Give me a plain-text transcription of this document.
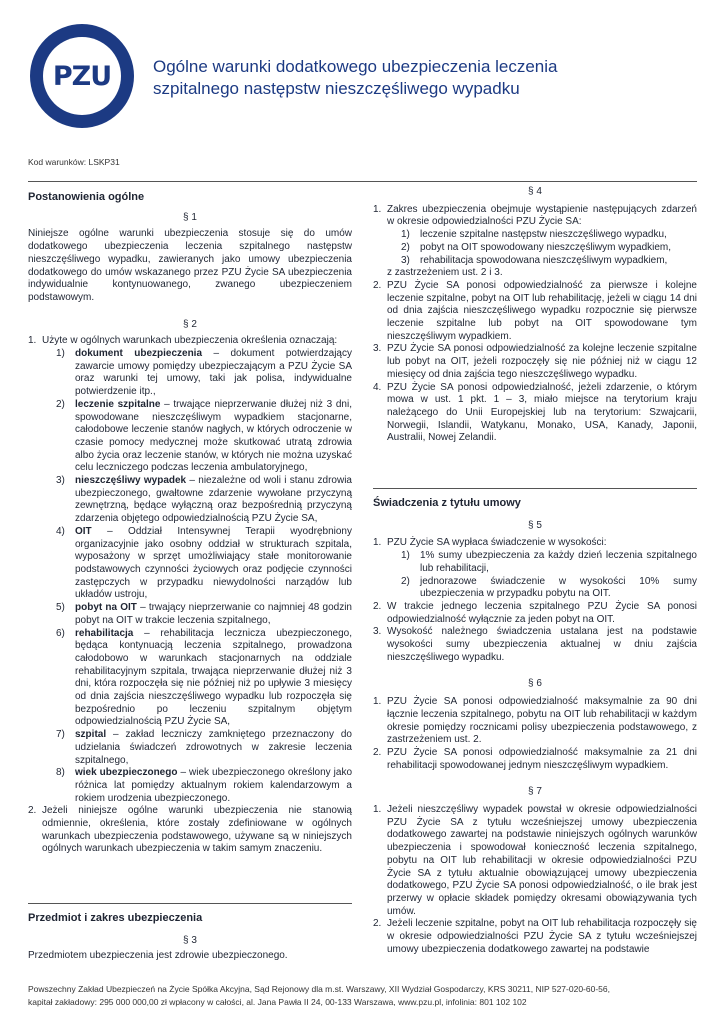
PZU Ogólne warunki dodatkowego ubezpieczenia leczenia
szpitalnego następstw nieszczęśliwego wypadku
Kod warunków: LSKP31

Postanowienia ogólne

§ 1

Niniejsze ogólne warunki ubezpieczenia stosuje się do umów dodatkowego ubezpieczenia leczenia szpitalnego następstw nieszczęśliwego wypadku, zawieranych jako umowy ubezpieczenia dodatkowego do umów wskazanego przez PZU Życie SA ubezpieczenia indywidualnie kontynuowanego, zwanego ubezpieczeniem podstawowym.

§ 2

1. Użyte w ogólnych warunkach ubezpieczenia określenia oznaczają:
1) dokument ubezpieczenia – dokument potwierdzający zawarcie umowy pomiędzy ubezpieczającym a PZU Życie SA oraz warunki tej umowy, taki jak polisa, indywidualne potwierdzenie itp.,
2) leczenie szpitalne – trwające nieprzerwanie dłużej niż 3 dni, spowodowane nieszczęśliwym wypadkiem stacjonarne, całodobowe leczenie stanów nagłych, w których odroczenie w czasie pomocy medycznej może skutkować utratą zdrowia albo życia oraz leczenie stanów, w których nie można uzyskać celu leczniczego podczas leczenia ambulatoryjnego,
3) nieszczęśliwy wypadek – niezależne od woli i stanu zdrowia ubezpieczonego, gwałtowne zdarzenie wywołane przyczyną zewnętrzną, będące wyłączną oraz bezpośrednią przyczyną zdarzenia objętego odpowiedzialnością PZU Życie SA,
4) OIT – Oddział Intensywnej Terapii wyodrębniony organizacyjnie jako osobny oddział w strukturach szpitala, wyposażony w sprzęt umożliwiający stałe monitorowanie podstawowych czynności życiowych oraz podjęcie czynności zastępczych w przypadku niewydolności narządów lub układów ustroju,
5) pobyt na OIT – trwający nieprzerwanie co najmniej 48 godzin pobyt na OIT w trakcie leczenia szpitalnego,
6) rehabilitacja – rehabilitacja lecznicza ubezpieczonego, będąca kontynuacją leczenia szpitalnego, prowadzona całodobowo w warunkach stacjonarnych na oddziale rehabilitacyjnym szpitala, trwająca nieprzerwanie dłużej niż 3 dni, która rozpoczęła się nie później niż po upływie 3 miesięcy od dnia zajścia nieszczęśliwego wypadku lub rozpoczęła się bezpośrednio po leczeniu szpitalnym objętym odpowiedzialnością PZU Życie SA,
7) szpital – zakład leczniczy zamkniętego przeznaczony do udzielania świadczeń zdrowotnych w zakresie leczenia szpitalnego,
8) wiek ubezpieczonego – wiek ubezpieczonego określony jako różnica lat pomiędzy aktualnym rokiem kalendarzowym a rokiem urodzenia ubezpieczonego.
2. Jeżeli niniejsze ogólne warunki ubezpieczenia nie stanowią odmiennie, określenia, które zostały zdefiniowane w ogólnych warunkach ubezpieczenia podstawowego, używane są w niniejszych ogólnych warunkach ubezpieczenia w takim samym znaczeniu.

Przedmiot i zakres ubezpieczenia

§ 3

Przedmiotem ubezpieczenia jest zdrowie ubezpieczonego.

§ 4

1. Zakres ubezpieczenia obejmuje wystąpienie następujących zdarzeń w okresie odpowiedzialności PZU Życie SA:
1) leczenie szpitalne następstw nieszczęśliwego wypadku,
2) pobyt na OIT spowodowany nieszczęśliwym wypadkiem,
3) rehabilitacja spowodowana nieszczęśliwym wypadkiem,
z zastrzeżeniem ust. 2 i 3.
2. PZU Życie SA ponosi odpowiedzialność za pierwsze i kolejne leczenie szpitalne, pobyt na OIT lub rehabilitację, jeżeli w ciągu 14 dni od dnia zajścia nieszczęśliwego wypadku rozpocznie się pierwsze leczenie szpitalne lub pobyt na OIT spowodowane tym nieszczęśliwym wypadkiem.
3. PZU Życie SA ponosi odpowiedzialność za kolejne leczenie szpitalne lub pobyt na OIT, jeżeli rozpoczęły się nie później niż w ciągu 12 miesięcy od dnia zajścia tego nieszczęśliwego wypadku.
4. PZU Życie SA ponosi odpowiedzialność, jeżeli zdarzenie, o którym mowa w ust. 1 pkt. 1 – 3, miało miejsce na terytorium kraju należącego do Unii Europejskiej lub na terytorium: Szwajcarii, Norwegii, Islandii, Watykanu, Monako, USA, Kanady, Japonii, Australii, Nowej Zelandii.

Świadczenia z tytułu umowy

§ 5

1. PZU Życie SA wypłaca świadczenie w wysokości:
1) 1% sumy ubezpieczenia za każdy dzień leczenia szpitalnego lub rehabilitacji,
2) jednorazowe świadczenie w wysokości 10% sumy ubezpieczenia w przypadku pobytu na OIT.
2. W trakcie jednego leczenia szpitalnego PZU Życie SA ponosi odpowiedzialność wyłącznie za jeden pobyt na OIT.
3. Wysokość należnego świadczenia ustalana jest na podstawie wysokości sumy ubezpieczenia aktualnej w dniu zajścia nieszczęśliwego wypadku.

§ 6

1. PZU Życie SA ponosi odpowiedzialność maksymalnie za 90 dni łącznie leczenia szpitalnego, pobytu na OIT lub rehabilitacji w każdym okresie pomiędzy rocznicami polisy ubezpieczenia podstawowego, z zastrzeżeniem ust. 2.
2. PZU Życie SA ponosi odpowiedzialność maksymalnie za 21 dni rehabilitacji spowodowanej jednym nieszczęśliwym wypadkiem.

§ 7

1. Jeżeli nieszczęśliwy wypadek powstał w okresie odpowiedzialności PZU Życie SA z tytułu wcześniejszej umowy ubezpieczenia dodatkowego zawartej na podstawie niniejszych ogólnych warunków ubezpieczenia i spowodował konieczność leczenia szpitalnego, pobytu na OIT lub rehabilitacji w okresie odpowiedzialności PZU Życie SA z tytułu aktualnie obowiązującej umowy ubezpieczenia dodatkowego, PZU Życie SA ponosi odpowiedzialność, o ile brak jest przerwy w opłacie składek pomiędzy okresami obowiązywania tych umów.
2. Jeżeli leczenie szpitalne, pobyt na OIT lub rehabilitacja rozpoczęły się w okresie odpowiedzialności PZU Życie SA z tytułu wcześniejszej umowy ubezpieczenia dodatkowego zawartej na podstawie
Powszechny Zakład Ubezpieczeń na Życie Spółka Akcyjna, Sąd Rejonowy dla m.st. Warszawy, XII Wydział Gospodarczy, KRS 30211, NIP 527-020-60-56,
kapitał zakładowy: 295 000 000,00 zł wpłacony w całości, al. Jana Pawła II 24, 00-133 Warszawa, www.pzu.pl, infolinia: 801 102 102
